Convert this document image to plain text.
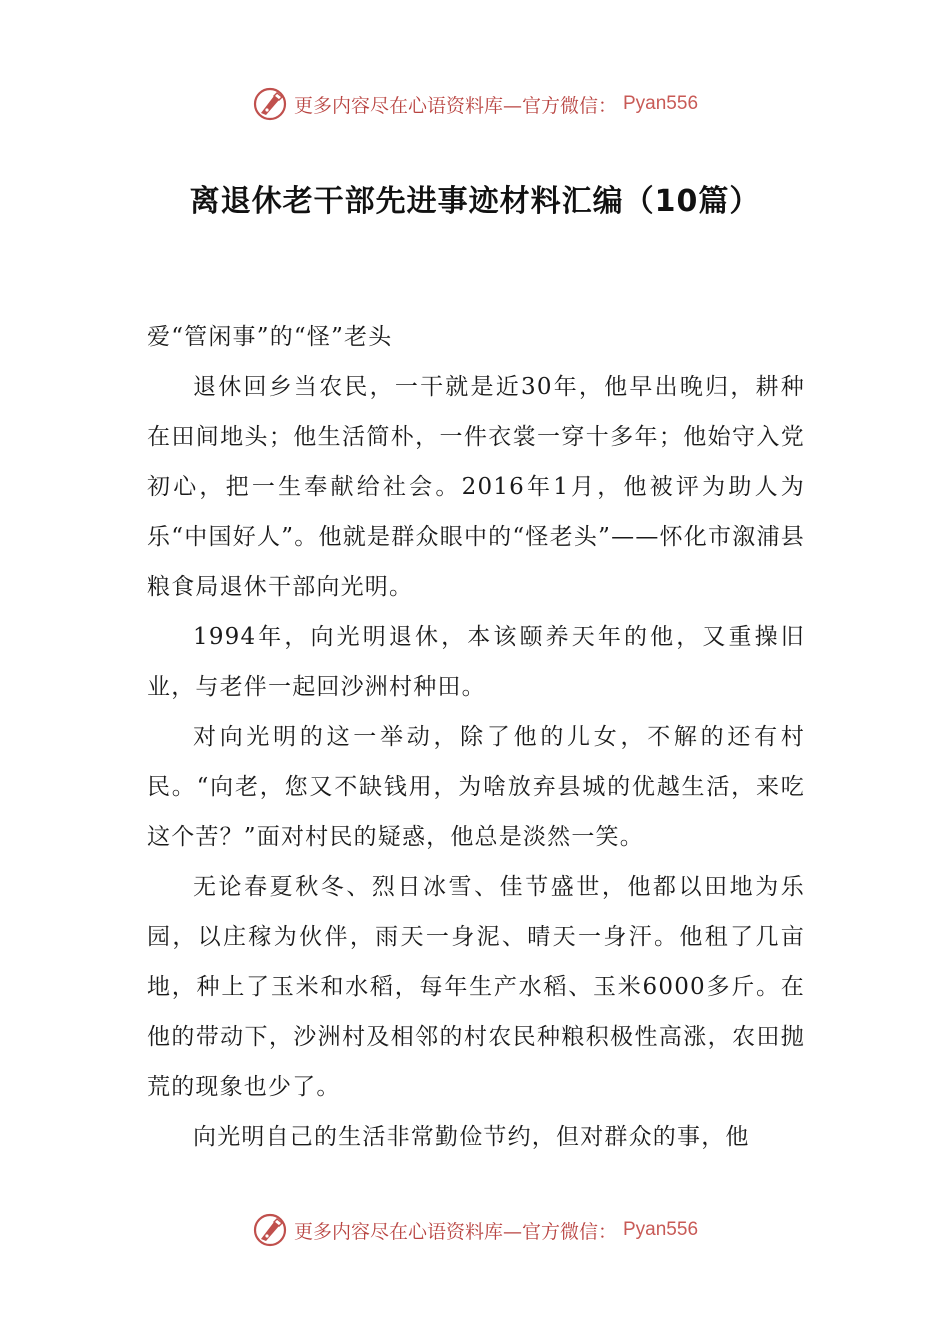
更多内容尽在心语资料库—官方微信： Pyan556
离退休老干部先进事迹材料汇编（10篇）

爱“管闲事”的“怪”老头

退休回乡当农民，一干就是近30年，他早出晚归，耕种在田间地头；他生活简朴，一件衣裳一穿十多年；他始守入党初心，把一生奉献给社会。2016年1月，他被评为助人为乐“中国好人”。他就是群众眼中的“怪老头”——怀化市溆浦县粮食局退休干部向光明。

1994年，向光明退休，本该颐养天年的他，又重操旧业，与老伴一起回沙洲村种田。

对向光明的这一举动，除了他的儿女，不解的还有村民。“向老，您又不缺钱用，为啥放弃县城的优越生活，来吃这个苦？”面对村民的疑惑，他总是淡然一笑。

无论春夏秋冬、烈日冰雪、佳节盛世，他都以田地为乐园，以庄稼为伙伴，雨天一身泥、晴天一身汗。他租了几亩地，种上了玉米和水稻，每年生产水稻、玉米6000多斤。在他的带动下，沙洲村及相邻的村农民种粮积极性高涨，农田抛荒的现象也少了。

向光明自己的生活非常勤俭节约，但对群众的事，他

更多内容尽在心语资料库—官方微信： Pyan556
